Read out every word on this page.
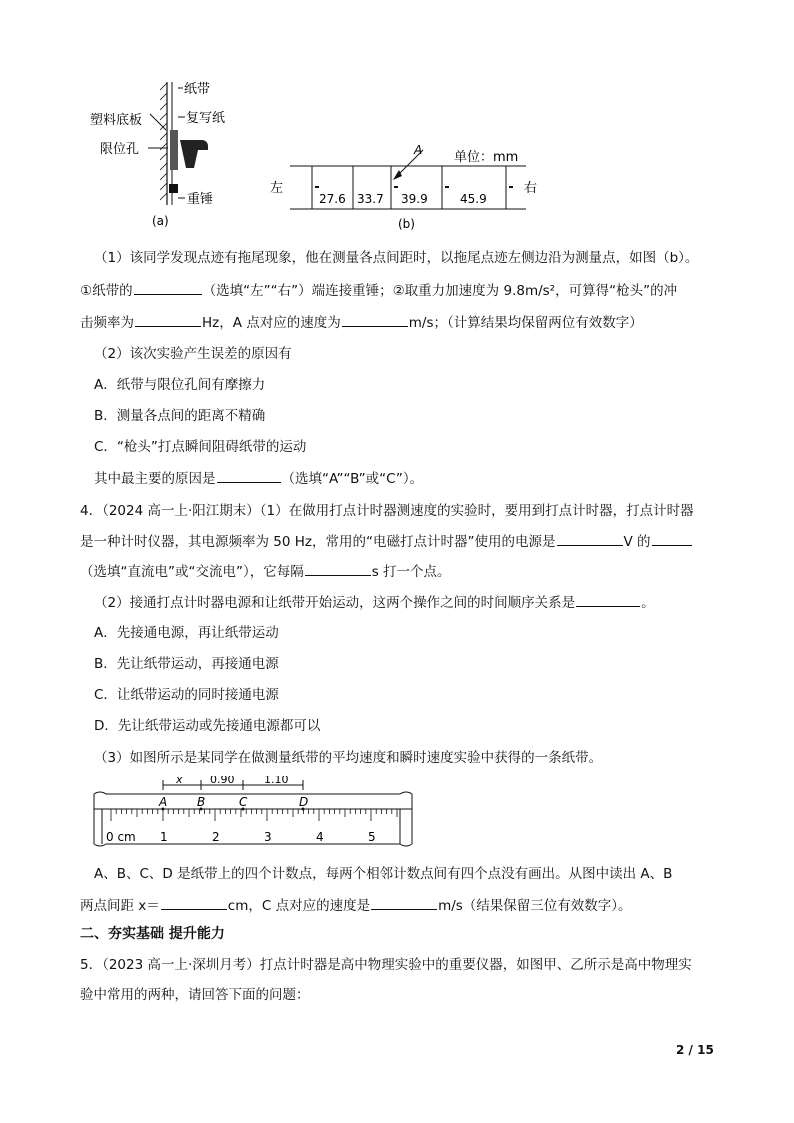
纸带
塑料底板	复写纸
限位孔
重锤
(a)
A 单位：mm
左	右
27.6 33.7 39.9	45.9
(b)
（1）该同学发现点迹有拖尾现象，他在测量各点间距时，以拖尾点迹左侧边沿为测量点，如图（b）。
①纸带的	（选填“左”“右”）端连接重锤；②取重力加速度为 9.8m/s²，可算得“枪头”的冲
击频率为	Hz，A 点对应的速度为	m/s；（计算结果均保留两位有效数字）
（2）该次实验产生误差的原因有
A．纸带与限位孔间有摩擦力
B．测量各点间的距离不精确
C．“枪头”打点瞬间阻碍纸带的运动
其中最主要的原因是	（选填“A”“B”或“C”）。
4．（2024 高一上·阳江期末）（1）在做用打点计时器测速度的实验时，要用到打点计时器，打点计时器
是一种计时仪器，其电源频率为 50 Hz，常用的“电磁打点计时器”使用的电源是	V 的
（选填“直流电”或“交流电”），它每隔	s 打一个点。
（2）接通打点计时器电源和让纸带开始运动，这两个操作之间的时间顺序关系是	。
A．先接通电源，再让纸带运动
B．先让纸带运动，再接通电源
C．让纸带运动的同时接通电源
D．先让纸带运动或先接通电源都可以
（3）如图所示是某同学在做测量纸带的平均速度和瞬时速度实验中获得的一条纸带。
x 0.90	1.10
A B	C	D
0 cm 1	2	3	4	5
A、B、C、D 是纸带上的四个计数点，每两个相邻计数点间有四个点没有画出。从图中读出 A、B
两点间距 x＝	cm，C 点对应的速度是	m/s（结果保留三位有效数字）。
二、夯实基础 提升能力
5．（2023 高一上·深圳月考）打点计时器是高中物理实验中的重要仪器，如图甲、乙所示是高中物理实
验中常用的两种，请回答下面的问题：
2 / 15
